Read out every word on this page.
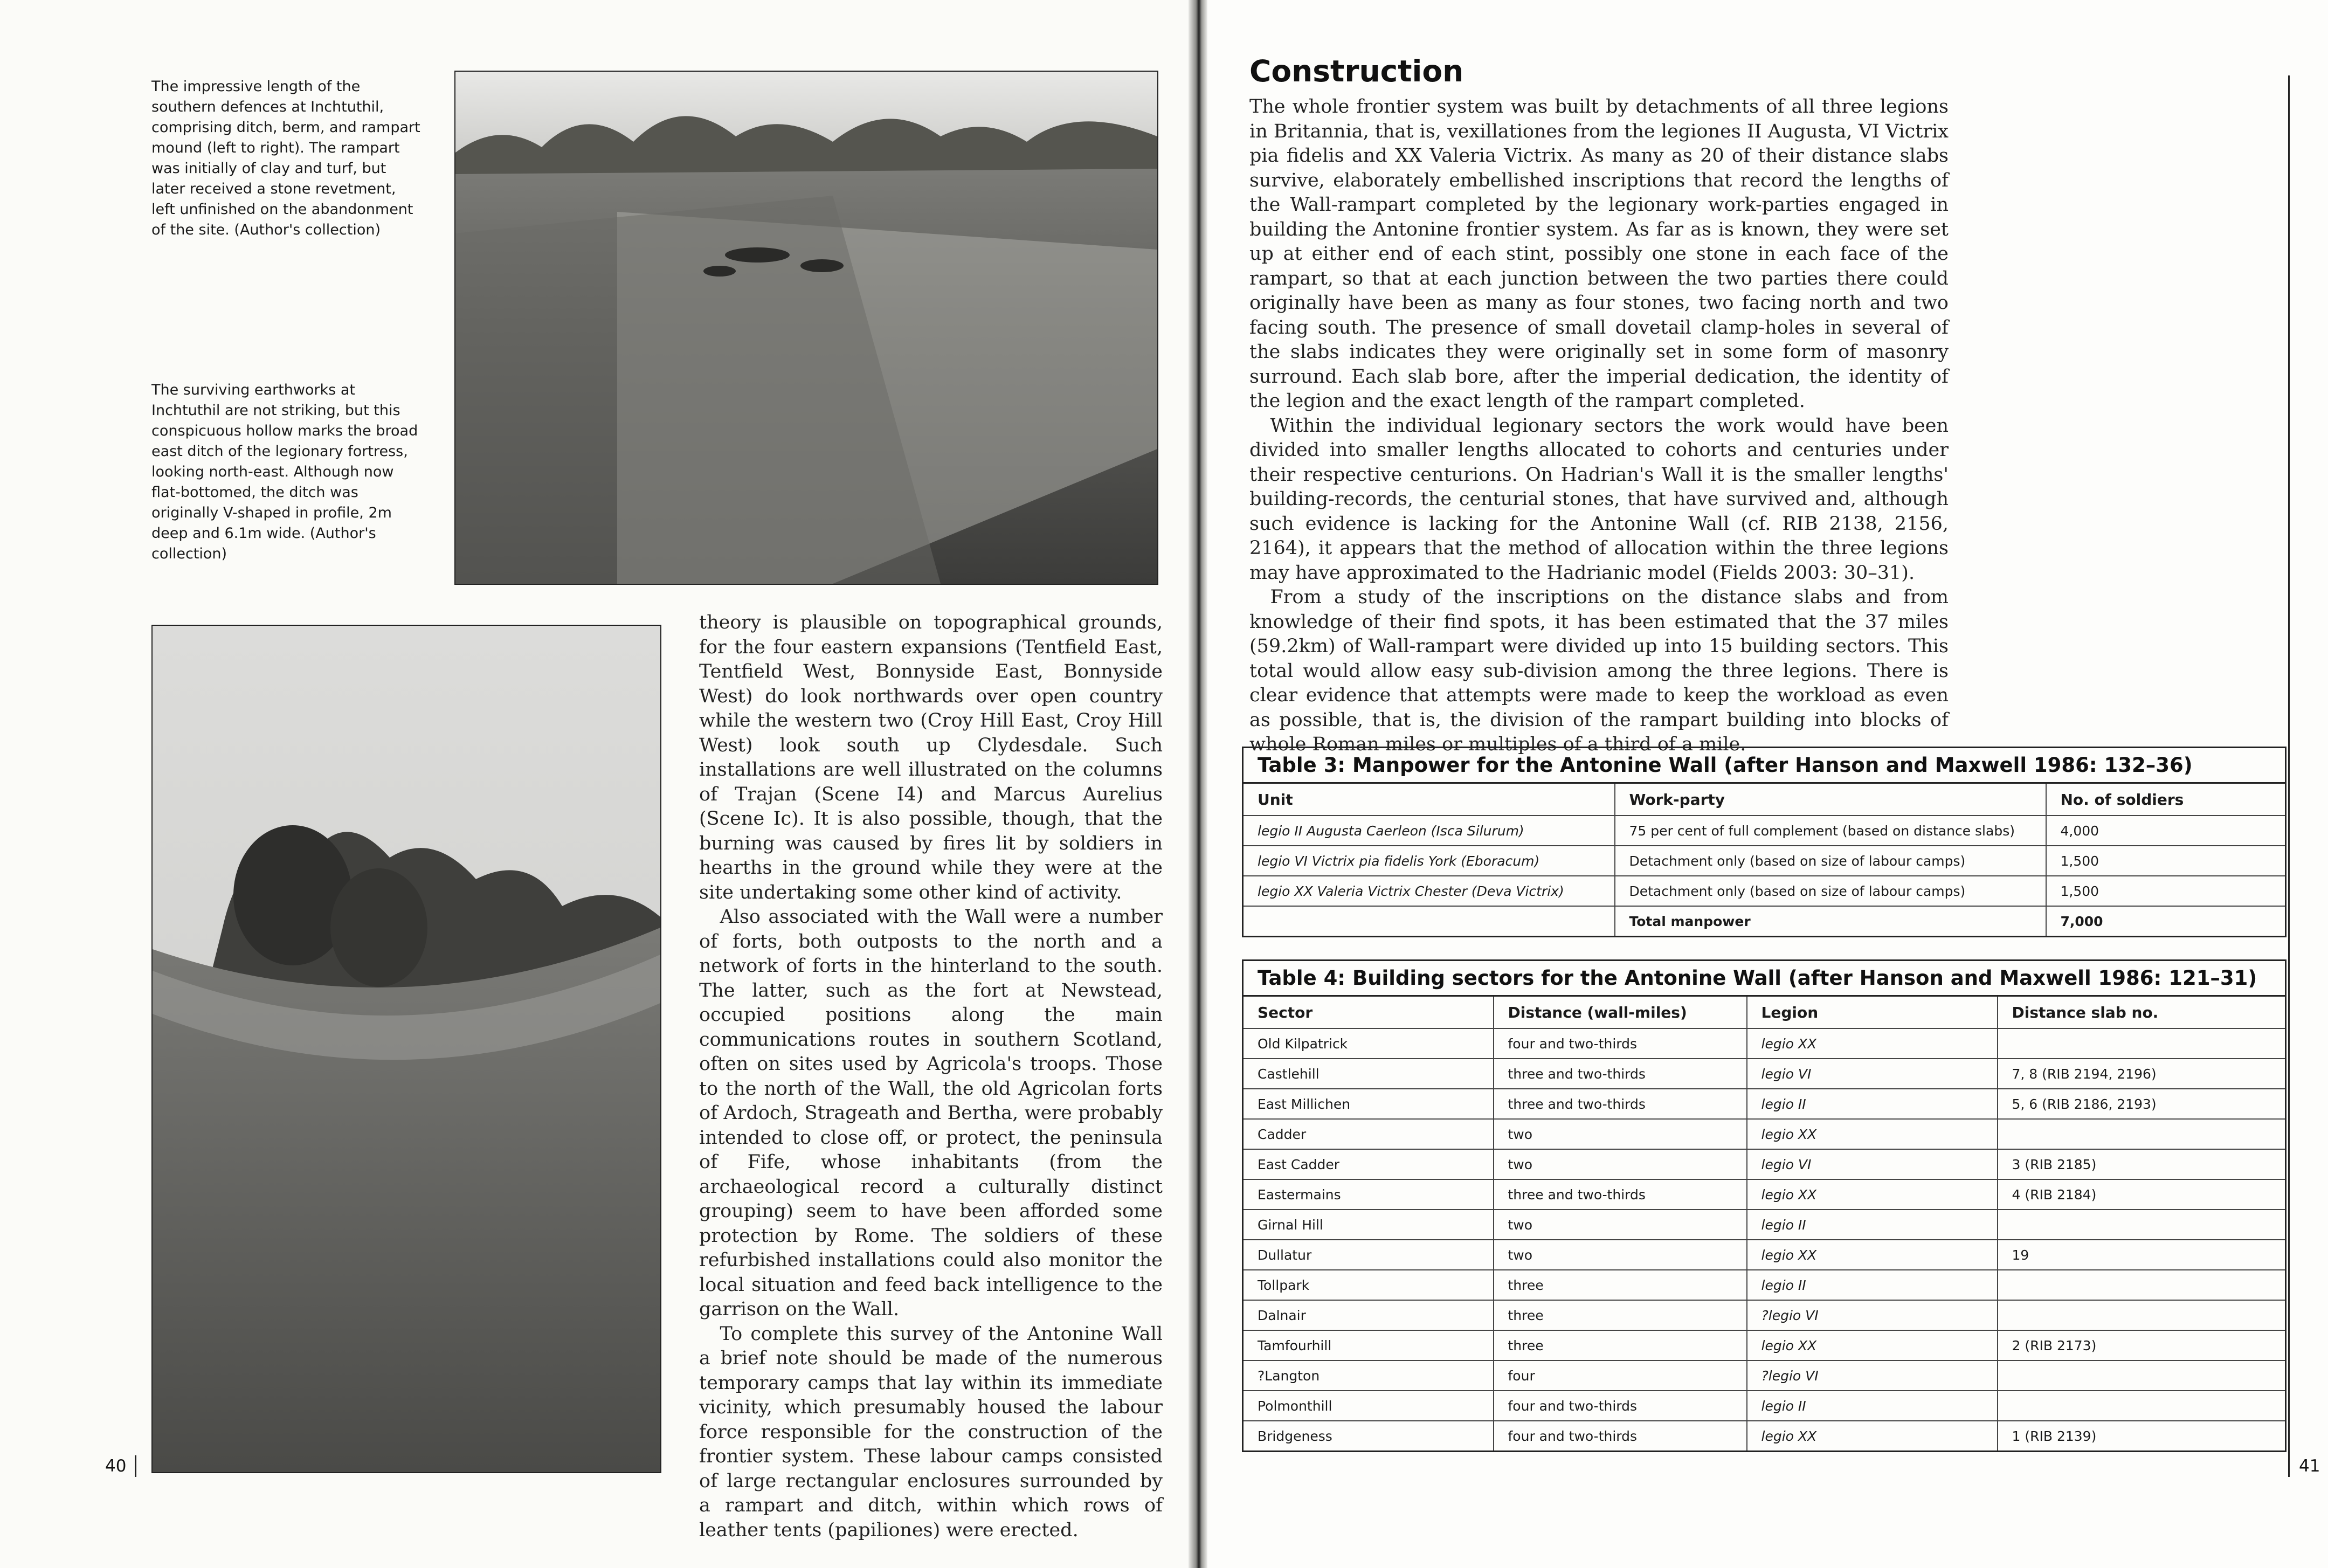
The impressive length of the southern defences at Inchtuthil, comprising ditch, berm, and rampart mound (left to right). The rampart was initially of clay and turf, but later received a stone revetment, left unfinished on the abandonment of the site. (Author's collection)
The surviving earthworks at Inchtuthil are not striking, but this conspicuous hollow marks the broad east ditch of the legionary fortress, looking north-east. Although now flat-bottomed, the ditch was originally V-shaped in profile, 2m deep and 6.1m wide. (Author's collection)

theory is plausible on topographical grounds, for the four eastern expansions (Tentfield East, Tentfield West, Bonnyside East, Bonnyside West) do look northwards over open country while the western two (Croy Hill East, Croy Hill West) look south up Clydesdale. Such installations are well illustrated on the columns of Trajan (Scene I4) and Marcus Aurelius (Scene Ic). It is also possible, though, that the burning was caused by fires lit by soldiers in hearths in the ground while they were at the site undertaking some other kind of activity.

Also associated with the Wall were a number of forts, both outposts to the north and a network of forts in the hinterland to the south. The latter, such as the fort at Newstead, occupied positions along the main communications routes in southern Scotland, often on sites used by Agricola's troops. Those to the north of the Wall, the old Agricolan forts of Ardoch, Strageath and Bertha, were probably intended to close off, or protect, the peninsula of Fife, whose inhabitants (from the archaeological record a culturally distinct grouping) seem to have been afforded some protection by Rome. The soldiers of these refurbished installations could also monitor the local situation and feed back intelligence to the garrison on the Wall.

To complete this survey of the Antonine Wall a brief note should be made of the numerous temporary camps that lay within its immediate vicinity, which presumably housed the labour force responsible for the construction of the frontier system. These labour camps consisted of large rectangular enclosures surrounded by a rampart and ditch, within which rows of leather tents (papiliones) were erected.

40
Construction

The whole frontier system was built by detachments of all three legions in Britannia, that is, vexillationes from the legiones II Augusta, VI Victrix pia fidelis and XX Valeria Victrix. As many as 20 of their distance slabs survive, elaborately embellished inscriptions that record the lengths of the Wall-rampart completed by the legionary work-parties engaged in building the Antonine frontier system. As far as is known, they were set up at either end of each stint, possibly one stone in each face of the rampart, so that at each junction between the two parties there could originally have been as many as four stones, two facing north and two facing south. The presence of small dovetail clamp-holes in several of the slabs indicates they were originally set in some form of masonry surround. Each slab bore, after the imperial dedication, the identity of the legion and the exact length of the rampart completed.

Within the individual legionary sectors the work would have been divided into smaller lengths allocated to cohorts and centuries under their respective centurions. On Hadrian's Wall it is the smaller lengths' building-records, the centurial stones, that have survived and, although such evidence is lacking for the Antonine Wall (cf. RIB 2138, 2156, 2164), it appears that the method of allocation within the three legions may have approximated to the Hadrianic model (Fields 2003: 30–31).

From a study of the inscriptions on the distance slabs and from knowledge of their find spots, it has been estimated that the 37 miles (59.2km) of Wall-rampart were divided up into 15 building sectors. This total would allow easy sub-division among the three legions. There is clear evidence that attempts were made to keep the workload as even as possible, that is, the division of the rampart building into blocks of whole Roman miles or multiples of a third of a mile.

Table 3: Manpower for the Antonine Wall (after Hanson and Maxwell 1986: 132–36)
Unit	Work-party	No. of soldiers
legio II Augusta Caerleon (Isca Silurum)	75 per cent of full complement (based on distance slabs)	4,000
legio VI Victrix pia fidelis York (Eboracum)	Detachment only (based on size of labour camps)	1,500
legio XX Valeria Victrix Chester (Deva Victrix)	Detachment only (based on size of labour camps)	1,500
	Total manpower	7,000
Table 4: Building sectors for the Antonine Wall (after Hanson and Maxwell 1986: 121–31)
Sector	Distance (wall-miles)	Legion	Distance slab no.
Old Kilpatrick	four and two-thirds	legio XX	
Castlehill	three and two-thirds	legio VI	7, 8 (RIB 2194, 2196)
East Millichen	three and two-thirds	legio II	5, 6 (RIB 2186, 2193)
Cadder	two	legio XX	
East Cadder	two	legio VI	3 (RIB 2185)
Eastermains	three and two-thirds	legio XX	4 (RIB 2184)
Girnal Hill	two	legio II	
Dullatur	two	legio XX	19
Tollpark	three	legio II	
Dalnair	three	?legio VI	
Tamfourhill	three	legio XX	2 (RIB 2173)
?Langton	four	?legio VI	
Polmonthill	four and two-thirds	legio II	
Bridgeness	four and two-thirds	legio XX	1 (RIB 2139)
41
